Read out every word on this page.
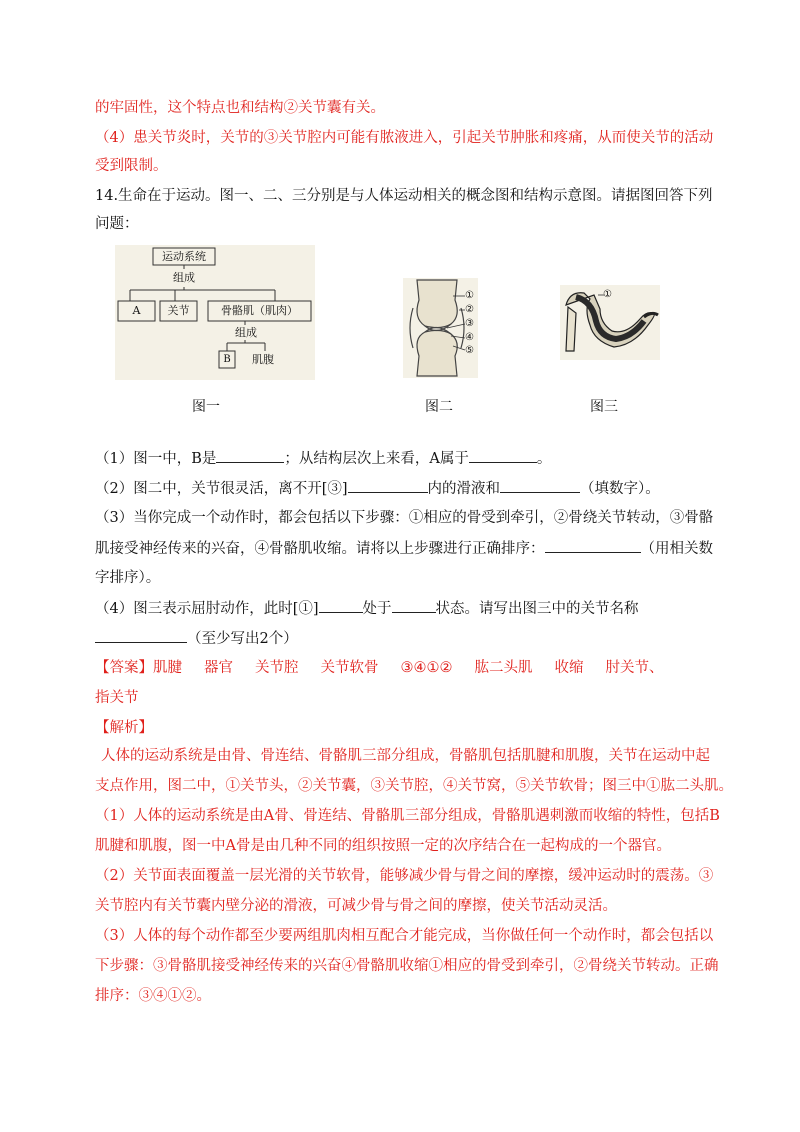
的牢固性，这个特点也和结构②关节囊有关。
（4）患关节炎时，关节的③关节腔内可能有脓液进入，引起关节肿胀和疼痛，从而使关节的活动
受到限制。
14.生命在于运动。图一、二、三分别是与人体运动相关的概念图和结构示意图。请据图回答下列
问题：
运动系统
组成
A	关节	骨骼肌（肌肉）
组成
B	肌腹
①
②
③
④
⑤
①
图一	图二	图三
（1）图一中，B是	；从结构层次上来看，A属于	。
（2）图二中，关节很灵活，离不开[③]	内的滑液和	（填数字）。
（3）当你完成一个动作时，都会包括以下步骤：①相应的骨受到牵引，②骨绕关节转动，③骨骼
肌接受神经传来的兴奋，④骨骼肌收缩。请将以上步骤进行正确排序：	（用相关数
字排序）。
（4）图三表示屈肘动作，此时[①]	处于	状态。请写出图三中的关节名称
（至少写出2个）
【答案】肌腱 器官 关节腔 关节软骨 ③④①② 肱二头肌 收缩 肘关节、
指关节
【解析】
人体的运动系统是由骨、骨连结、骨骼肌三部分组成，骨骼肌包括肌腱和肌腹，关节在运动中起
支点作用，图二中，①关节头，②关节囊，③关节腔，④关节窝，⑤关节软骨；图三中①肱二头肌。
（1）人体的运动系统是由A骨、骨连结、骨骼肌三部分组成，骨骼肌遇刺激而收缩的特性，包括B
肌腱和肌腹，图一中A骨是由几种不同的组织按照一定的次序结合在一起构成的一个器官。
（2）关节面表面覆盖一层光滑的关节软骨，能够减少骨与骨之间的摩擦，缓冲运动时的震荡。③
关节腔内有关节囊内壁分泌的滑液，可减少骨与骨之间的摩擦，使关节活动灵活。
（3）人体的每个动作都至少要两组肌肉相互配合才能完成，当你做任何一个动作时，都会包括以
下步骤：③骨骼肌接受神经传来的兴奋④骨骼肌收缩①相应的骨受到牵引，②骨绕关节转动。正确
排序：③④①②。
